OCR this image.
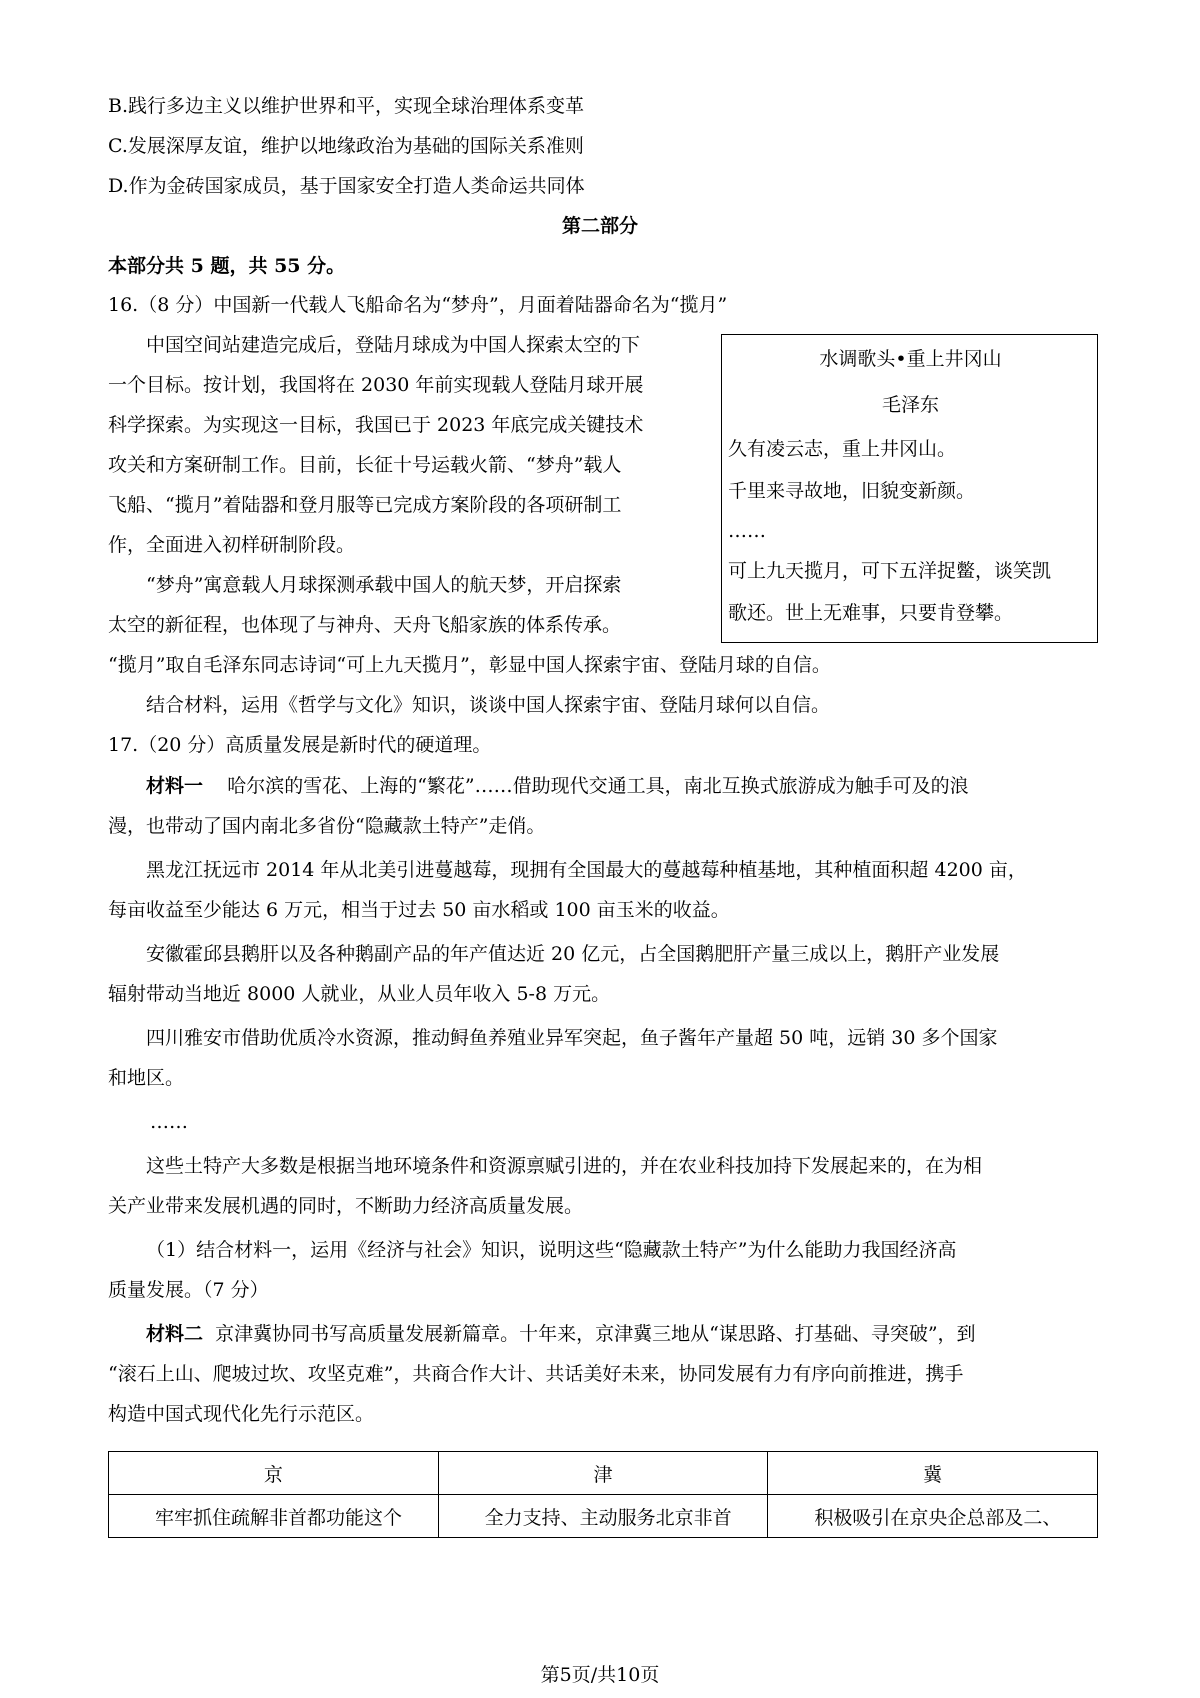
B.践行多边主义以维护世界和平，实现全球治理体系变革
C.发展深厚友谊，维护以地缘政治为基础的国际关系准则
D.作为金砖国家成员，基于国家安全打造人类命运共同体
第二部分
本部分共 5 题，共 55 分。
16.（8 分）中国新一代载人飞船命名为“梦舟”，月面着陆器命名为“揽月”
中国空间站建造完成后，登陆月球成为中国人探索太空的下
一个目标。按计划，我国将在 2030 年前实现载人登陆月球开展
科学探索。为实现这一目标，我国已于 2023 年底完成关键技术
攻关和方案研制工作。目前，长征十号运载火箭、“梦舟”载人
飞船、“揽月”着陆器和登月服等已完成方案阶段的各项研制工
作，全面进入初样研制阶段。
“梦舟”寓意载人月球探测承载中国人的航天梦，开启探索
太空的新征程，也体现了与神舟、天舟飞船家族的体系传承。
“揽月”取自毛泽东同志诗词“可上九天揽月”，彰显中国人探索宇宙、登陆月球的自信。
水调歌头•重上井冈山
毛泽东
久有凌云志，重上井冈山。
千里来寻故地，旧貌变新颜。
……
可上九天揽月，可下五洋捉鳖，谈笑凯
歌还。世上无难事，只要肯登攀。
结合材料，运用《哲学与文化》知识，谈谈中国人探索宇宙、登陆月球何以自信。
17.（20 分）高质量发展是新时代的硬道理。
材料一 哈尔滨的雪花、上海的“繁花”……借助现代交通工具，南北互换式旅游成为触手可及的浪
漫，也带动了国内南北多省份“隐藏款土特产”走俏。
黑龙江抚远市 2014 年从北美引进蔓越莓，现拥有全国最大的蔓越莓种植基地，其种植面积超 4200 亩，
每亩收益至少能达 6 万元，相当于过去 50 亩水稻或 100 亩玉米的收益。
安徽霍邱县鹅肝以及各种鹅副产品的年产值达近 20 亿元，占全国鹅肥肝产量三成以上，鹅肝产业发展
辐射带动当地近 8000 人就业，从业人员年收入 5-8 万元。
四川雅安市借助优质冷水资源，推动鲟鱼养殖业异军突起，鱼子酱年产量超 50 吨，远销 30 多个国家
和地区。
……
这些土特产大多数是根据当地环境条件和资源禀赋引进的，并在农业科技加持下发展起来的，在为相
关产业带来发展机遇的同时，不断助力经济高质量发展。
（1）结合材料一，运用《经济与社会》知识，说明这些“隐藏款土特产”为什么能助力我国经济高
质量发展。（7 分）
材料二 京津冀协同书写高质量发展新篇章。十年来，京津冀三地从“谋思路、打基础、寻突破”，到
“滚石上山、爬坡过坎、攻坚克难”，共商合作大计、共话美好未来，协同发展有力有序向前推进，携手
构造中国式现代化先行示范区。
京	津	冀
牢牢抓住疏解非首都功能这个	全力支持、主动服务北京非首	积极吸引在京央企总部及二、
第5页/共10页
